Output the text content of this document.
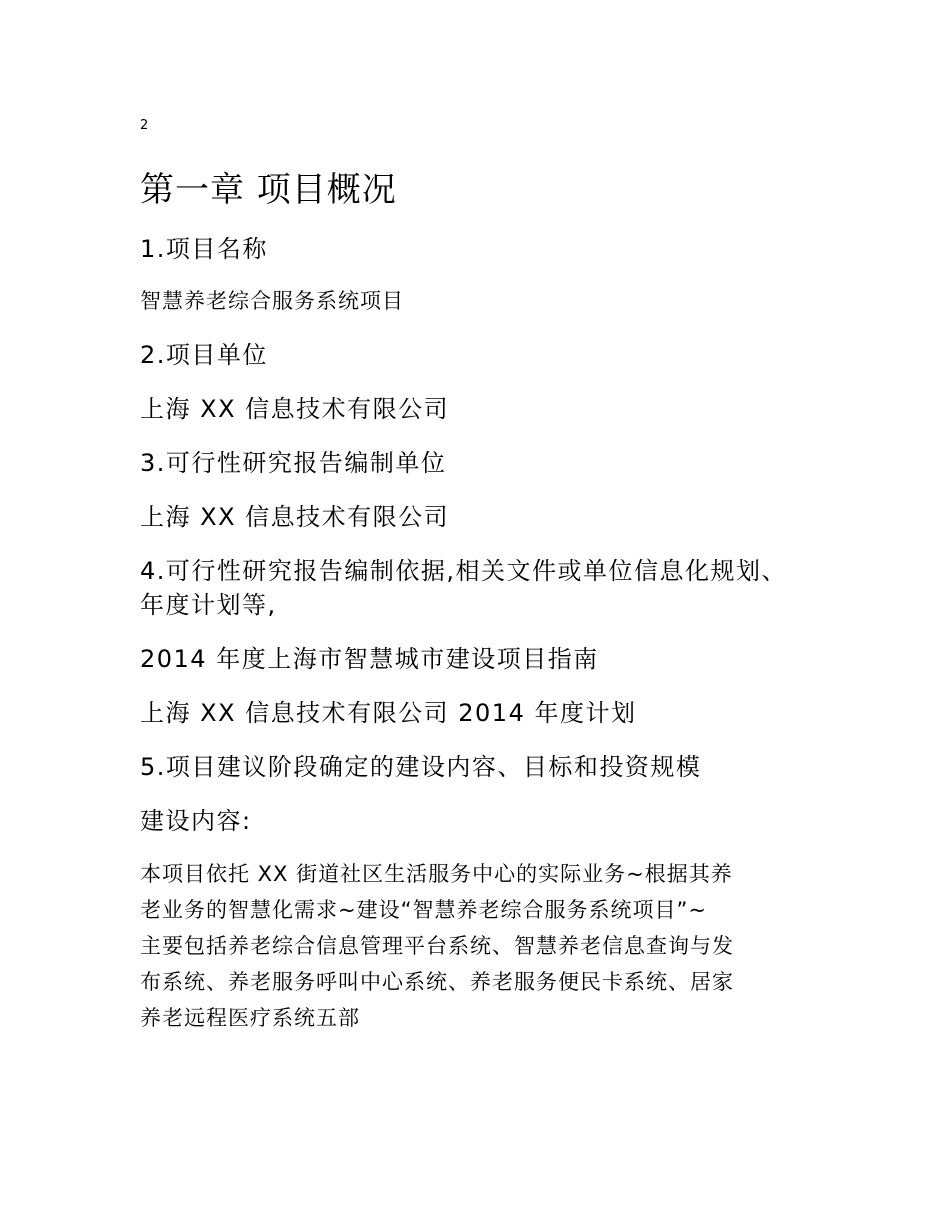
2
第一章 项目概况
1.项目名称
智慧养老综合服务系统项目
2.项目单位
上海 XX 信息技术有限公司
3.可行性研究报告编制单位
上海 XX 信息技术有限公司
4.可行性研究报告编制依据,相关文件或单位信息化规划、
年度计划等,
2014 年度上海市智慧城市建设项目指南
上海 XX 信息技术有限公司 2014 年度计划
5.项目建议阶段确定的建设内容、目标和投资规模
建设内容:
本项目依托 XX 街道社区生活服务中心的实际业务~根据其养
老业务的智慧化需求~建设“智慧养老综合服务系统项目”~
主要包括养老综合信息管理平台系统、智慧养老信息查询与发
布系统、养老服务呼叫中心系统、养老服务便民卡系统、居家
养老远程医疗系统五部
